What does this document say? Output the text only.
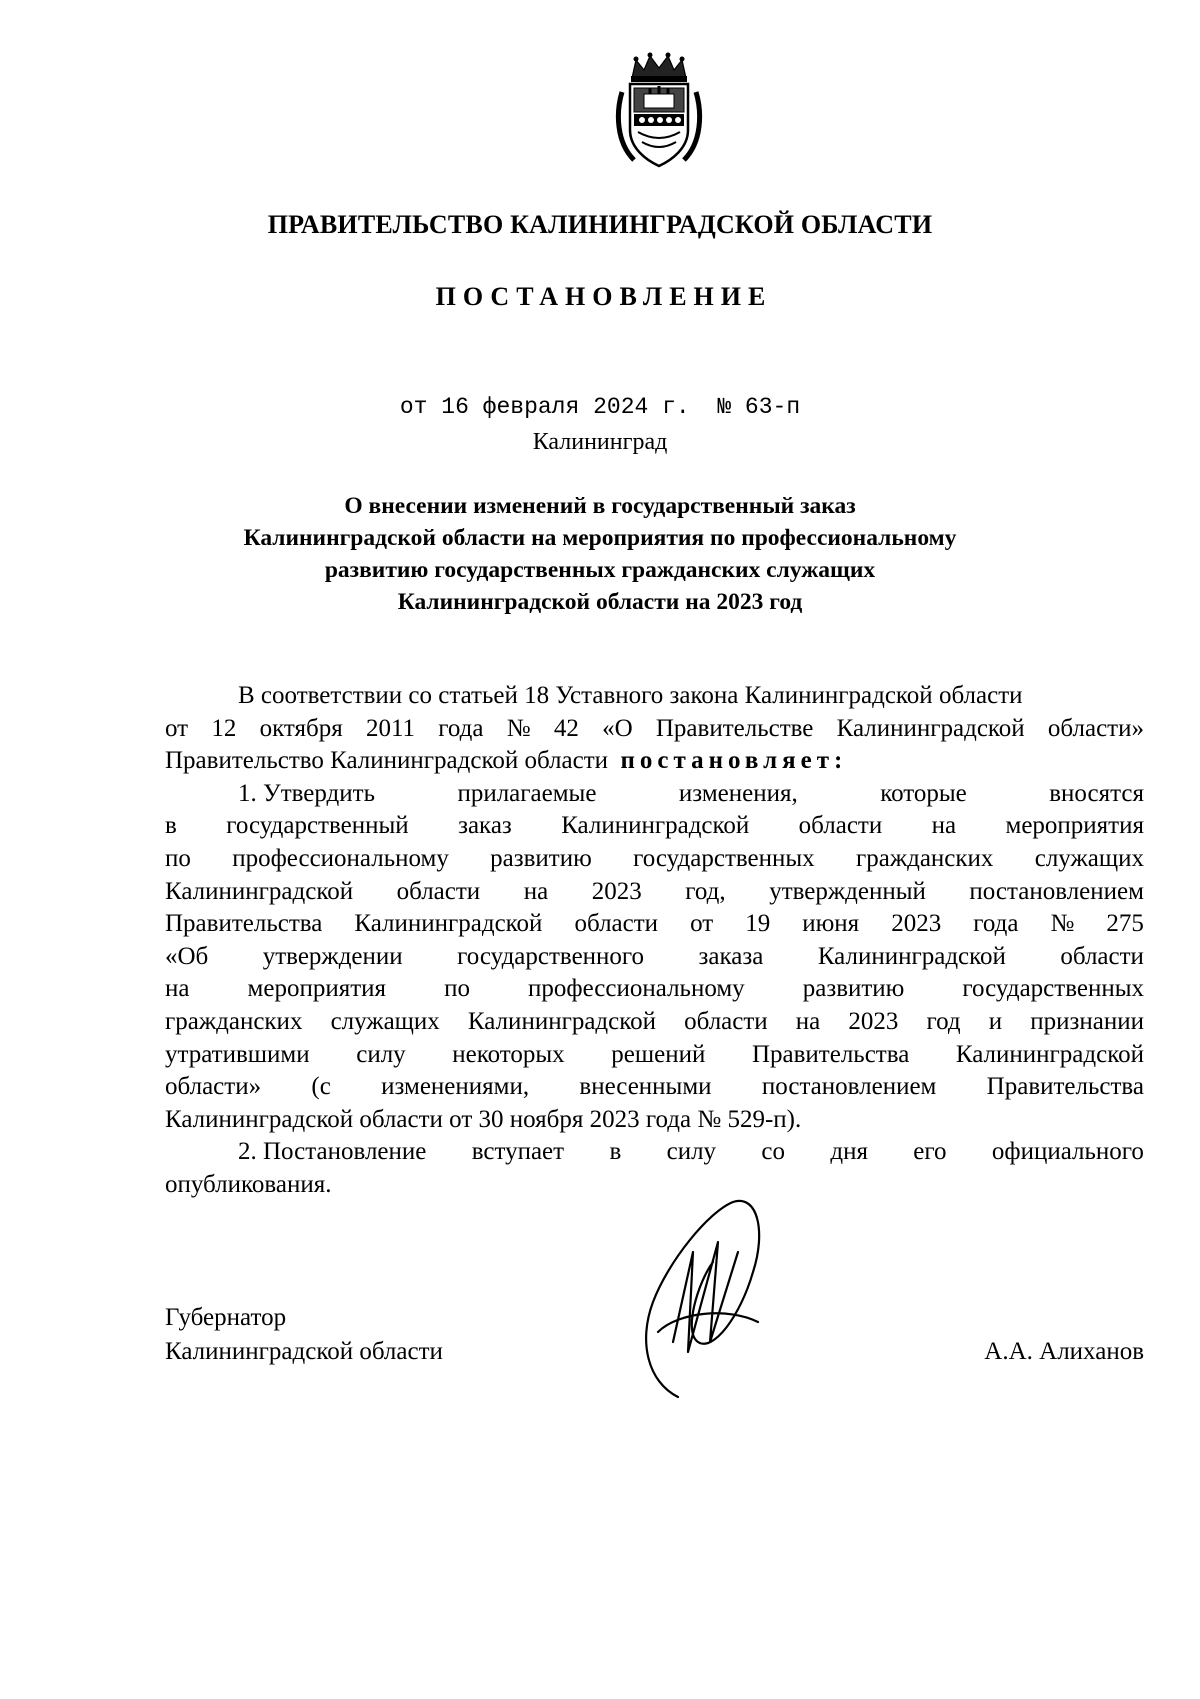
ПРАВИТЕЛЬСТВО КАЛИНИНГРАДСКОЙ ОБЛАСТИ
ПОСТАНОВЛЕНИЕ
от 16 февраля 2024 г.  № 63-п
Калининград
О внесении изменений в государственный заказ
Калининградской области на мероприятия по профессиональному
развитию государственных гражданских служащих
Калининградской области на 2023 год
В соответствии со статьей 18 Уставного закона Калининградской области
от 12 октября 2011 года № 42 «О Правительстве Калининградской области»
Правительство Калининградской области постановляет:
1. Утвердить	прилагаемые	изменения,	которые	вносятся
в государственный заказ Калининградской области на мероприятия
по профессиональному развитию государственных гражданских служащих
Калининградской области на 2023 год, утвержденный постановлением
Правительства Калининградской области от 19 июня 2023 года № 275
«Об утверждении государственного заказа Калининградской области
на мероприятия по профессиональному развитию государственных
гражданских служащих Калининградской области на 2023 год и признании
утратившими силу некоторых решений Правительства Калининградской
области» (с изменениями, внесенными постановлением Правительства
Калининградской области от 30 ноября 2023 года № 529-п).
2. Постановление вступает в силу со дня его официального
опубликования.
Губернатор
Калининградской области	А.А. Алиханов
